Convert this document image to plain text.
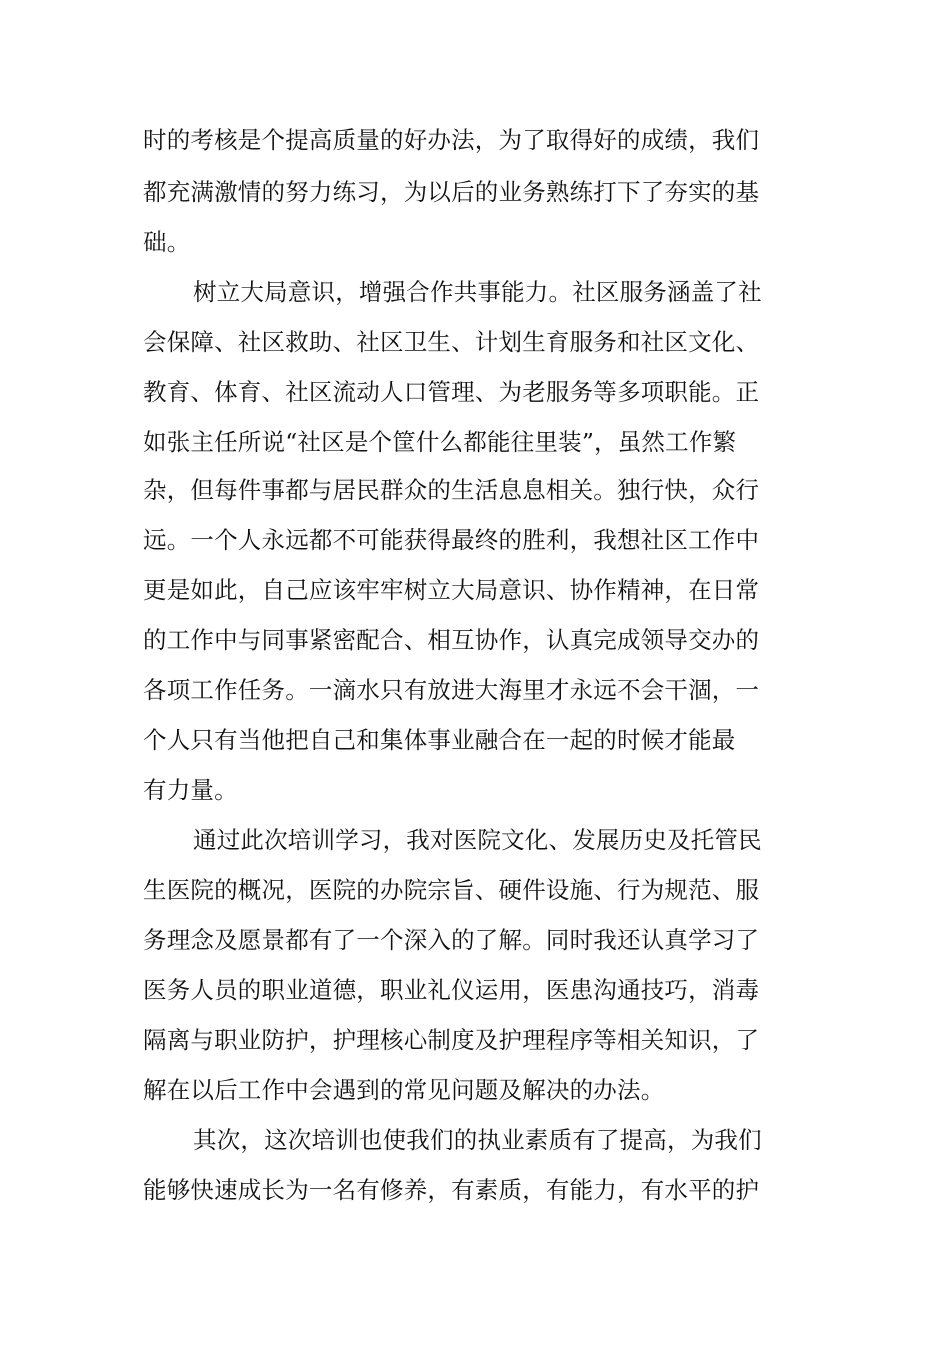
时的考核是个提高质量的好办法，为了取得好的成绩，我们
都充满激情的努力练习，为以后的业务熟练打下了夯实的基
础。
树立大局意识，增强合作共事能力。社区服务涵盖了社
会保障、社区救助、社区卫生、计划生育服务和社区文化、
教育、体育、社区流动人口管理、为老服务等多项职能。正
如张主任所说“社区是个筐什么都能往里装”，虽然工作繁
杂，但每件事都与居民群众的生活息息相关。独行快，众行
远。一个人永远都不可能获得最终的胜利，我想社区工作中
更是如此，自己应该牢牢树立大局意识、协作精神，在日常
的工作中与同事紧密配合、相互协作，认真完成领导交办的
各项工作任务。一滴水只有放进大海里才永远不会干涸，一
个人只有当他把自己和集体事业融合在一起的时候才能最
有力量。
通过此次培训学习，我对医院文化、发展历史及托管民
生医院的概况，医院的办院宗旨、硬件设施、行为规范、服
务理念及愿景都有了一个深入的了解。同时我还认真学习了
医务人员的职业道德，职业礼仪运用，医患沟通技巧，消毒
隔离与职业防护，护理核心制度及护理程序等相关知识，了
解在以后工作中会遇到的常见问题及解决的办法。
其次，这次培训也使我们的执业素质有了提高，为我们
能够快速成长为一名有修养，有素质，有能力，有水平的护
